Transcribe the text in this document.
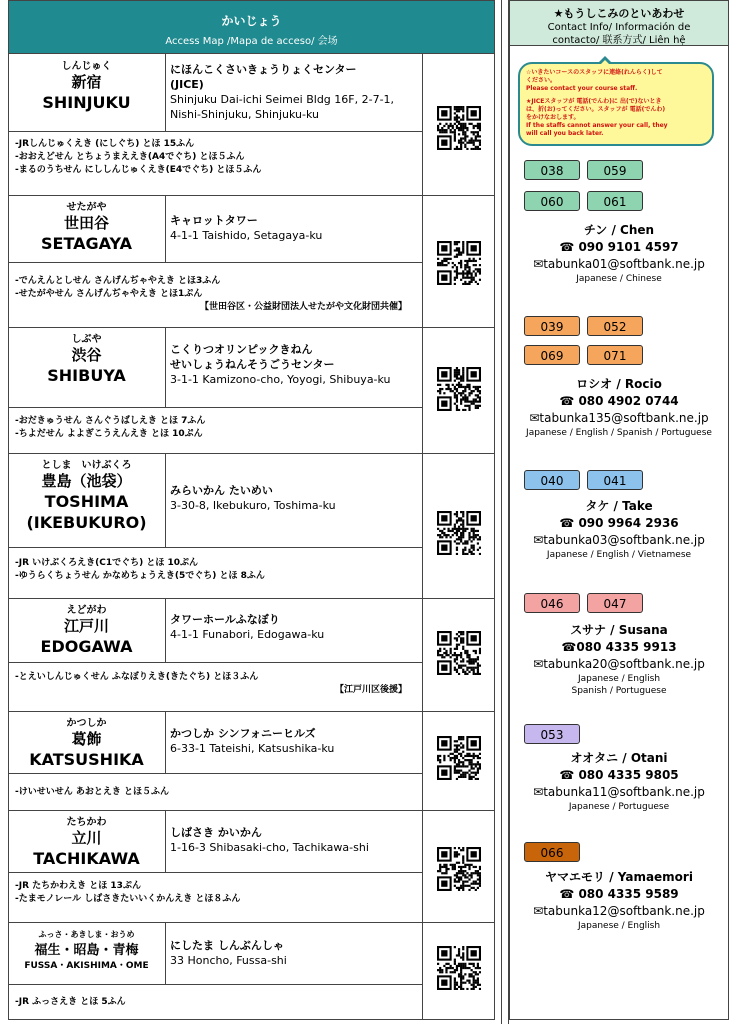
かいじょう
Access Map /Mapa de acceso/ 会场
しんじゅく
新宿
SHINJUKU
にほんこくさいきょうりょくセンター
(JICE)
Shinjuku Dai-ichi Seimei Bldg 16F, 2-7-1,
Nishi-Shinjuku, Shinjuku-ku
-JRしんじゅくえき (にしぐち) とほ 15ふん
-おおえどせん とちょうまええき(A4でぐち) とほ５ふん
-まるのうちせん にししんじゅくえき(E4でぐち) とほ５ふん
せたがや
世田谷
SETAGAYA
キャロットタワー
4-1-1 Taishido, Setagaya-ku
-でんえんとしせん さんげんぢゃやえき とほ3ふん
-せたがやせん さんげんぢゃやえき とほ1ぷん
【世田谷区・公益財団法人せたがや文化財団共催】
しぶや
渋谷
SHIBUYA
こくりつオリンピックきねん
せいしょうねんそうごうセンター
3-1-1 Kamizono-cho, Yoyogi, Shibuya-ku
-おだきゅうせん さんぐうばしえき とほ 7ふん
-ちよだせん よよぎこうえんえき とほ 10ぷん
としま　いけぶくろ
豊島（池袋）
TOSHIMA
(IKEBUKURO)
みらいかん たいめい
3-30-8, Ikebukuro, Toshima-ku
-JR いけぶくろえき(C1でぐち) とほ 10ぷん
-ゆうらくちょうせん かなめちょうえき(5でぐち) とほ 8ふん
えどがわ
江戸川
EDOGAWA
タワーホールふなぼり
4-1-1 Funabori, Edogawa-ku
-とえいしんじゅくせん ふなぼりえき(きたぐち) とほ３ふん
【江戸川区後援】
かつしか
葛飾
KATSUSHIKA
かつしか シンフォニーヒルズ
6-33-1 Tateishi, Katsushika-ku
-けいせいせん あおとえき とほ５ふん
たちかわ
立川
TACHIKAWA
しばさき かいかん
1-16-3 Shibasaki-cho, Tachikawa-shi
-JR たちかわえき とほ 13ぷん
-たまモノレール しばさきたいいくかんえき とほ８ふん
ふっさ・あきしま・おうめ
福生・昭島・青梅
FUSSA・AKISHIMA・OME
にしたま しんぶんしゃ
33 Honcho, Fussa-shi
-JR ふっさえき とほ 5ふん
★もうしこみのといあわせ
Contact Info/ Información de
contacto/ 联系方式/ Liên hệ
☆いきたいコースのスタッフに連絡(れんらく)して
ください。
Please contact your course staff.
★JICEスタッフが 電話(でんわ)に 出(で)ないとき
は、折(お)ってください。スタッフが 電話(でんわ)
をかけなおします。
If the staffs cannot answer your call, they
will call you back later.
038	059
060	061
チン / Chen
☎ 090 9101 4597
✉tabunka01@softbank.ne.jp
Japanese / Chinese
039	052
069	071
ロシオ / Rocio
☎ 080 4902 0744
✉tabunka135@softbank.ne.jp
Japanese / English / Spanish / Portuguese
040	041
タケ / Take
☎ 090 9964 2936
✉tabunka03@softbank.ne.jp
Japanese / English / Vietnamese
046	047
スサナ / Susana
☎080 4335 9913
✉tabunka20@softbank.ne.jp
Japanese / English
Spanish / Portuguese
053
オオタニ / Otani
☎ 080 4335 9805
✉tabunka11@softbank.ne.jp
Japanese / Portuguese
066
ヤマエモリ / Yamaemori
☎ 080 4335 9589
✉tabunka12@softbank.ne.jp
Japanese / English
